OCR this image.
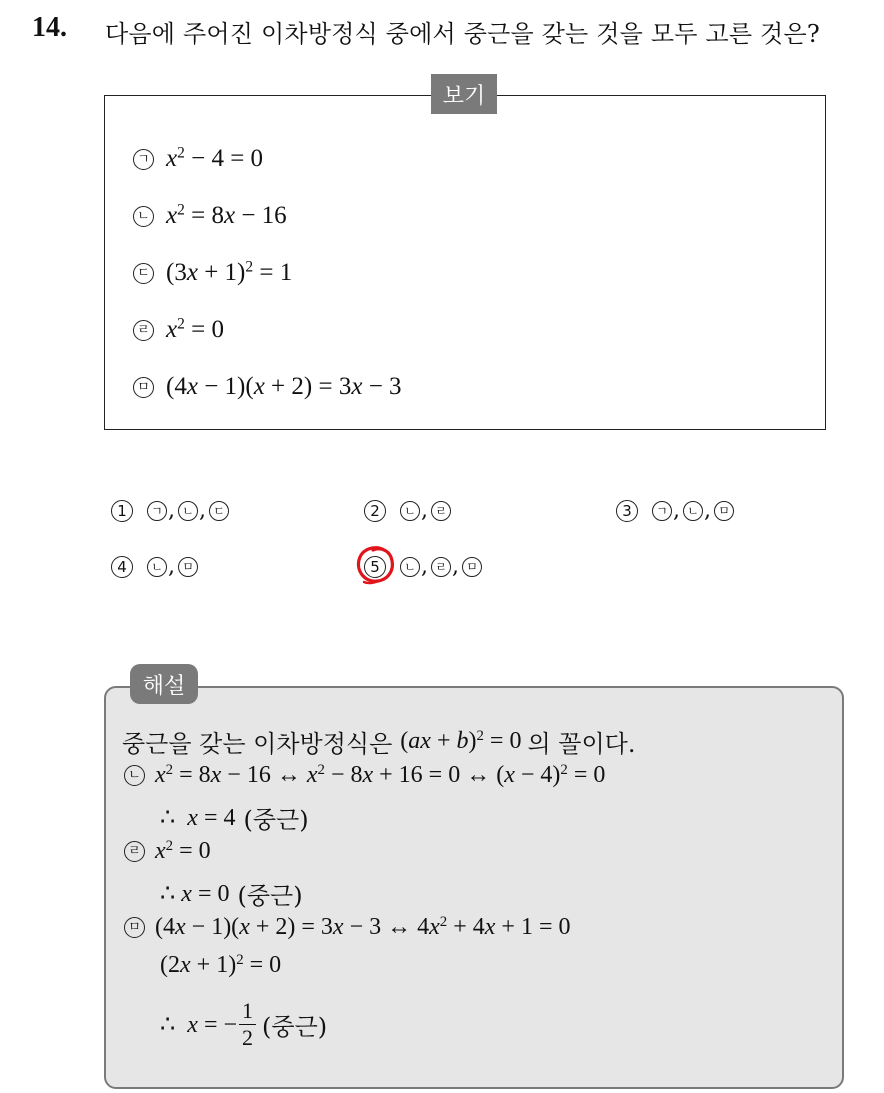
14. 다음에 주어진 이차방정식 중에서 중근을 갖는 것을 모두 고른 것은?
보기
ㄱ $x^2 - 4 = 0$
ㄴ $x^2 = 8x - 16$
ㄷ $(3x + 1)^2 = 1$
ㄹ $x^2 = 0$
ㅁ (4x − 1)(x + 2) = 3x − 3
1	ㄱ , ㄴ , ㄷ	2	ㄴ , ㄹ	3	ㄱ , ㄴ , ㅁ
4	ㄴ , ㅁ	5	ㄴ , ㄹ , ㅁ
해설
중근을 갖는 이차방정식은 (ax + b)$^2$ = 0 의 꼴이다.
ㄴ $x^2 = 8x - 16$ ↔ $x^2 - 8x + 16 = 0$ ↔ $(x - 4)^2 = 0$
∴  x = 4 (중근)
ㄹ $x^2 = 0$
∴ x = 0 (중근)
ㅁ (4x − 1)(x + 2) = 3x − 3 ↔ $4x^2 + 4x + 1 = 0$
$(2x + 1)^2 = 0$
∴  x = − $\frac{1}{2}$ (중근)
